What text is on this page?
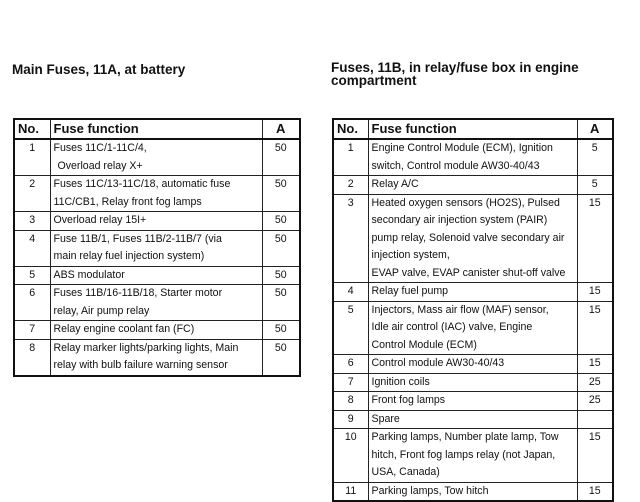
Main Fuses, 11A, at battery
No.	Fuse function	A
1	Fuses 11C/1-11C/4,
Overload relay X+	50
2	Fuses 11C/13-11C/18, automatic fuse
11C/CB1, Relay front fog lamps	50
3	Overload relay 15I+	50
4	Fuse 11B/1, Fuses 11B/2-11B/7 (via
main relay fuel injection system)	50
5	ABS modulator	50
6	Fuses 11B/16-11B/18, Starter motor
relay, Air pump relay	50
7	Relay engine coolant fan (FC)	50
8	Relay marker lights/parking lights, Main
relay with bulb failure warning sensor	50
Fuses, 11B, in relay/fuse box in engine compartment
No.	Fuse function	A
1	Engine Control Module (ECM), Ignition
switch, Control module AW30-40/43	5
2	Relay A/C	5
3	Heated oxygen sensors (HO2S), Pulsed
secondary air injection system (PAIR)
pump relay, Solenoid valve secondary air
injection system,
EVAP valve, EVAP canister shut-off valve	15
4	Relay fuel pump	15
5	Injectors, Mass air flow (MAF) sensor,
Idle air control (IAC) valve, Engine
Control Module (ECM)	15
6	Control module AW30-40/43	15
7	Ignition coils	25
8	Front fog lamps	25
9	Spare	

10	Parking lamps, Number plate lamp, Tow
hitch, Front fog lamps relay (not Japan,
USA, Canada)	15
11	Parking lamps, Tow hitch	15
